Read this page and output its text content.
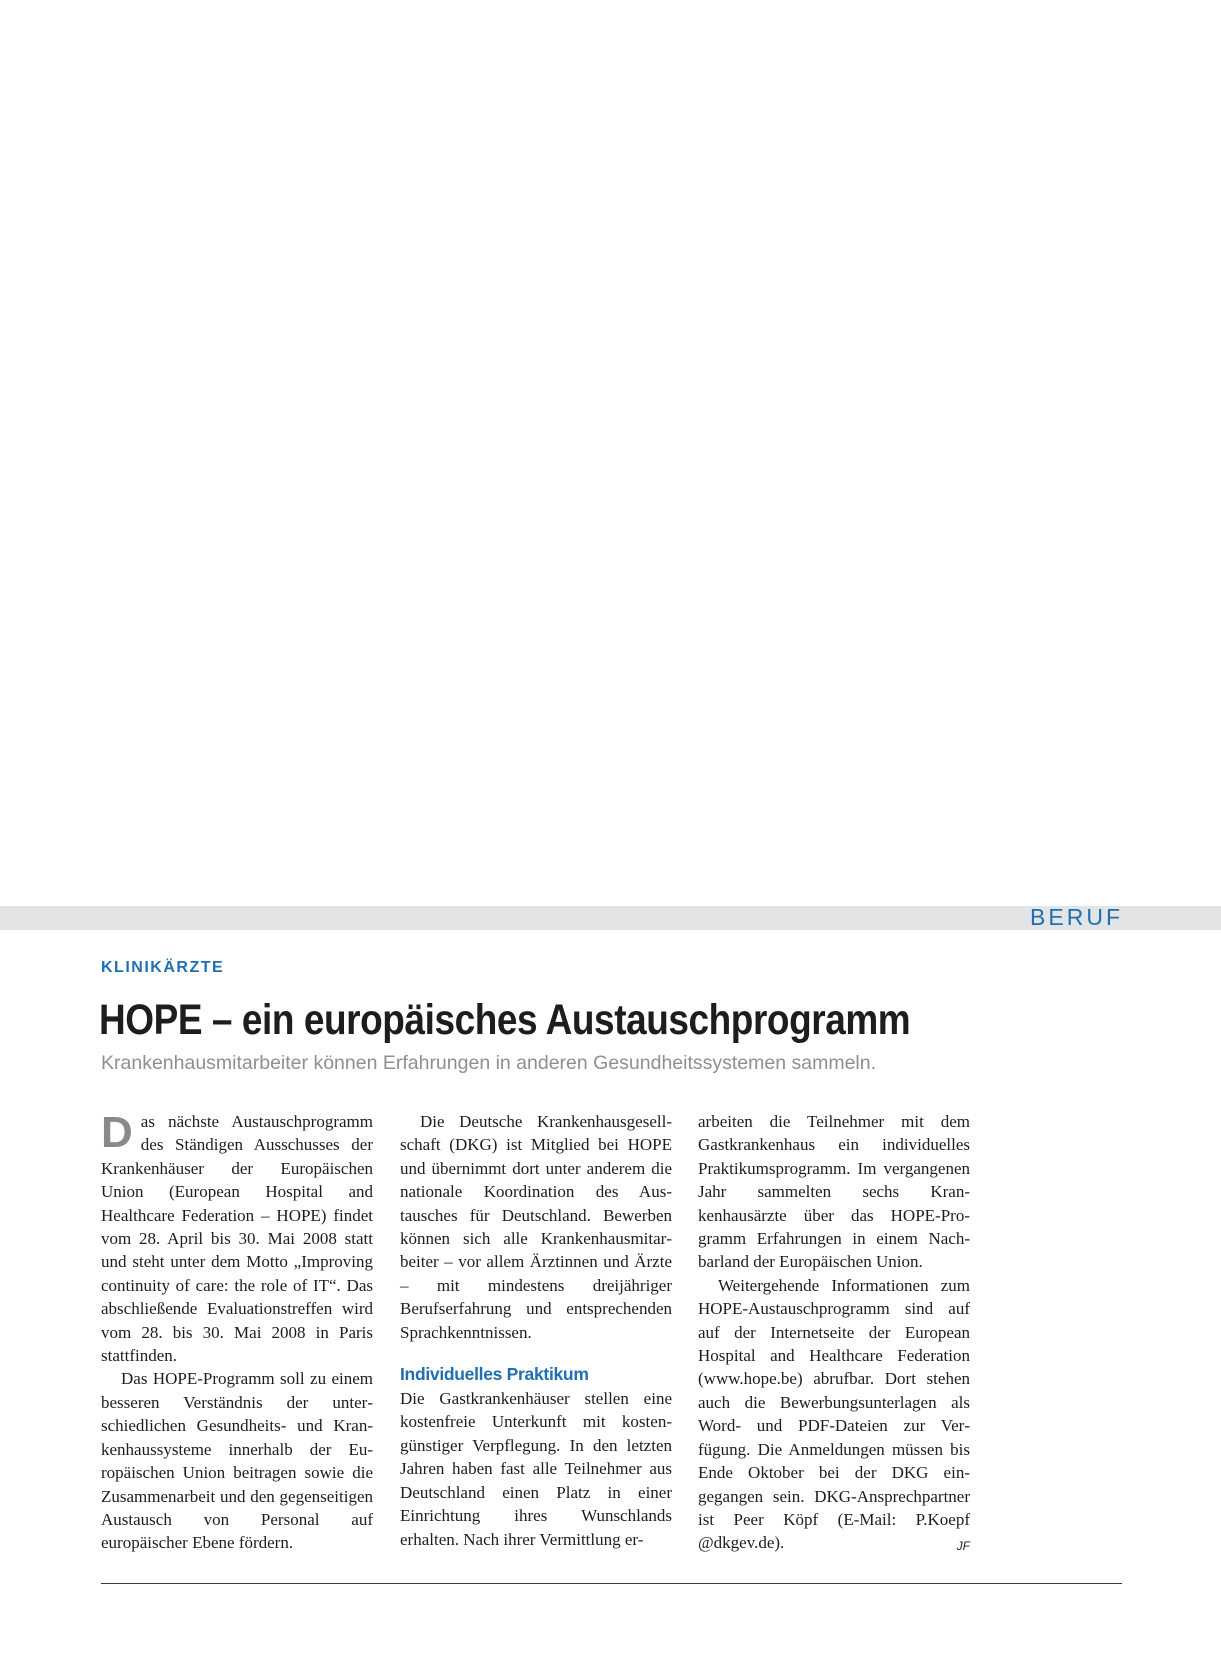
BERUF
KLINIKÄRZTE
HOPE – ein europäisches Austauschprogramm

Krankenhausmitarbeiter können Erfahrungen in anderen Gesundheitssystemen sammeln.

Das nächste Austauschprogramm des Ständigen Ausschusses der Krankenhäuser der Europäischen Union (European Hospital and Healthcare Federation – HOPE) findet vom 28. April bis 30. Mai 2008 statt und steht unter dem Motto „Improving continuity of care: the role of IT“. Das abschließende Evaluationstreffen wird vom 28. bis 30. Mai 2008 in Paris stattfinden.

Das HOPE-Programm soll zu einem besseren Verständnis der unterschiedlichen Gesundheits- und Krankenhaussysteme innerhalb der Europäischen Union beitragen sowie die Zusammenarbeit und den gegenseitigen Austausch von Personal auf europäischer Ebene fördern.

Die Deutsche Krankenhausgesellschaft (DKG) ist Mitglied bei HOPE und übernimmt dort unter anderem die nationale Koordination des Austausches für Deutschland. Bewerben können sich alle Krankenhausmitarbeiter – vor allem Ärztinnen und Ärzte – mit mindestens dreijähriger Berufserfahrung und entsprechenden Sprachkenntnissen.

Individuelles Praktikum

Die Gastkrankenhäuser stellen eine kostenfreie Unterkunft mit kostengünstiger Verpflegung. In den letzten Jahren haben fast alle Teilnehmer aus Deutschland einen Platz in einer Einrichtung ihres Wunschlands erhalten. Nach ihrer Vermittlung er-

arbeiten die Teilnehmer mit dem Gastkrankenhaus ein individuelles Praktikumsprogramm. Im vergangenen Jahr sammelten sechs Krankenhausärzte über das HOPE-Programm Erfahrungen in einem Nachbarland der Europäischen Union.

Weitergehende Informationen zum HOPE-Austauschprogramm sind auf auf der Internetseite der European Hospital and Healthcare Federation (www.hope.be) abrufbar. Dort stehen auch die Bewerbungsunterlagen als Word- und PDF-Dateien zur Verfügung. Die Anmeldungen müssen bis Ende Oktober bei der DKG eingegangen sein. DKG-Ansprechpartner ist Peer Köpf (E-Mail: P.Koepf @dkgev.de).	JF
